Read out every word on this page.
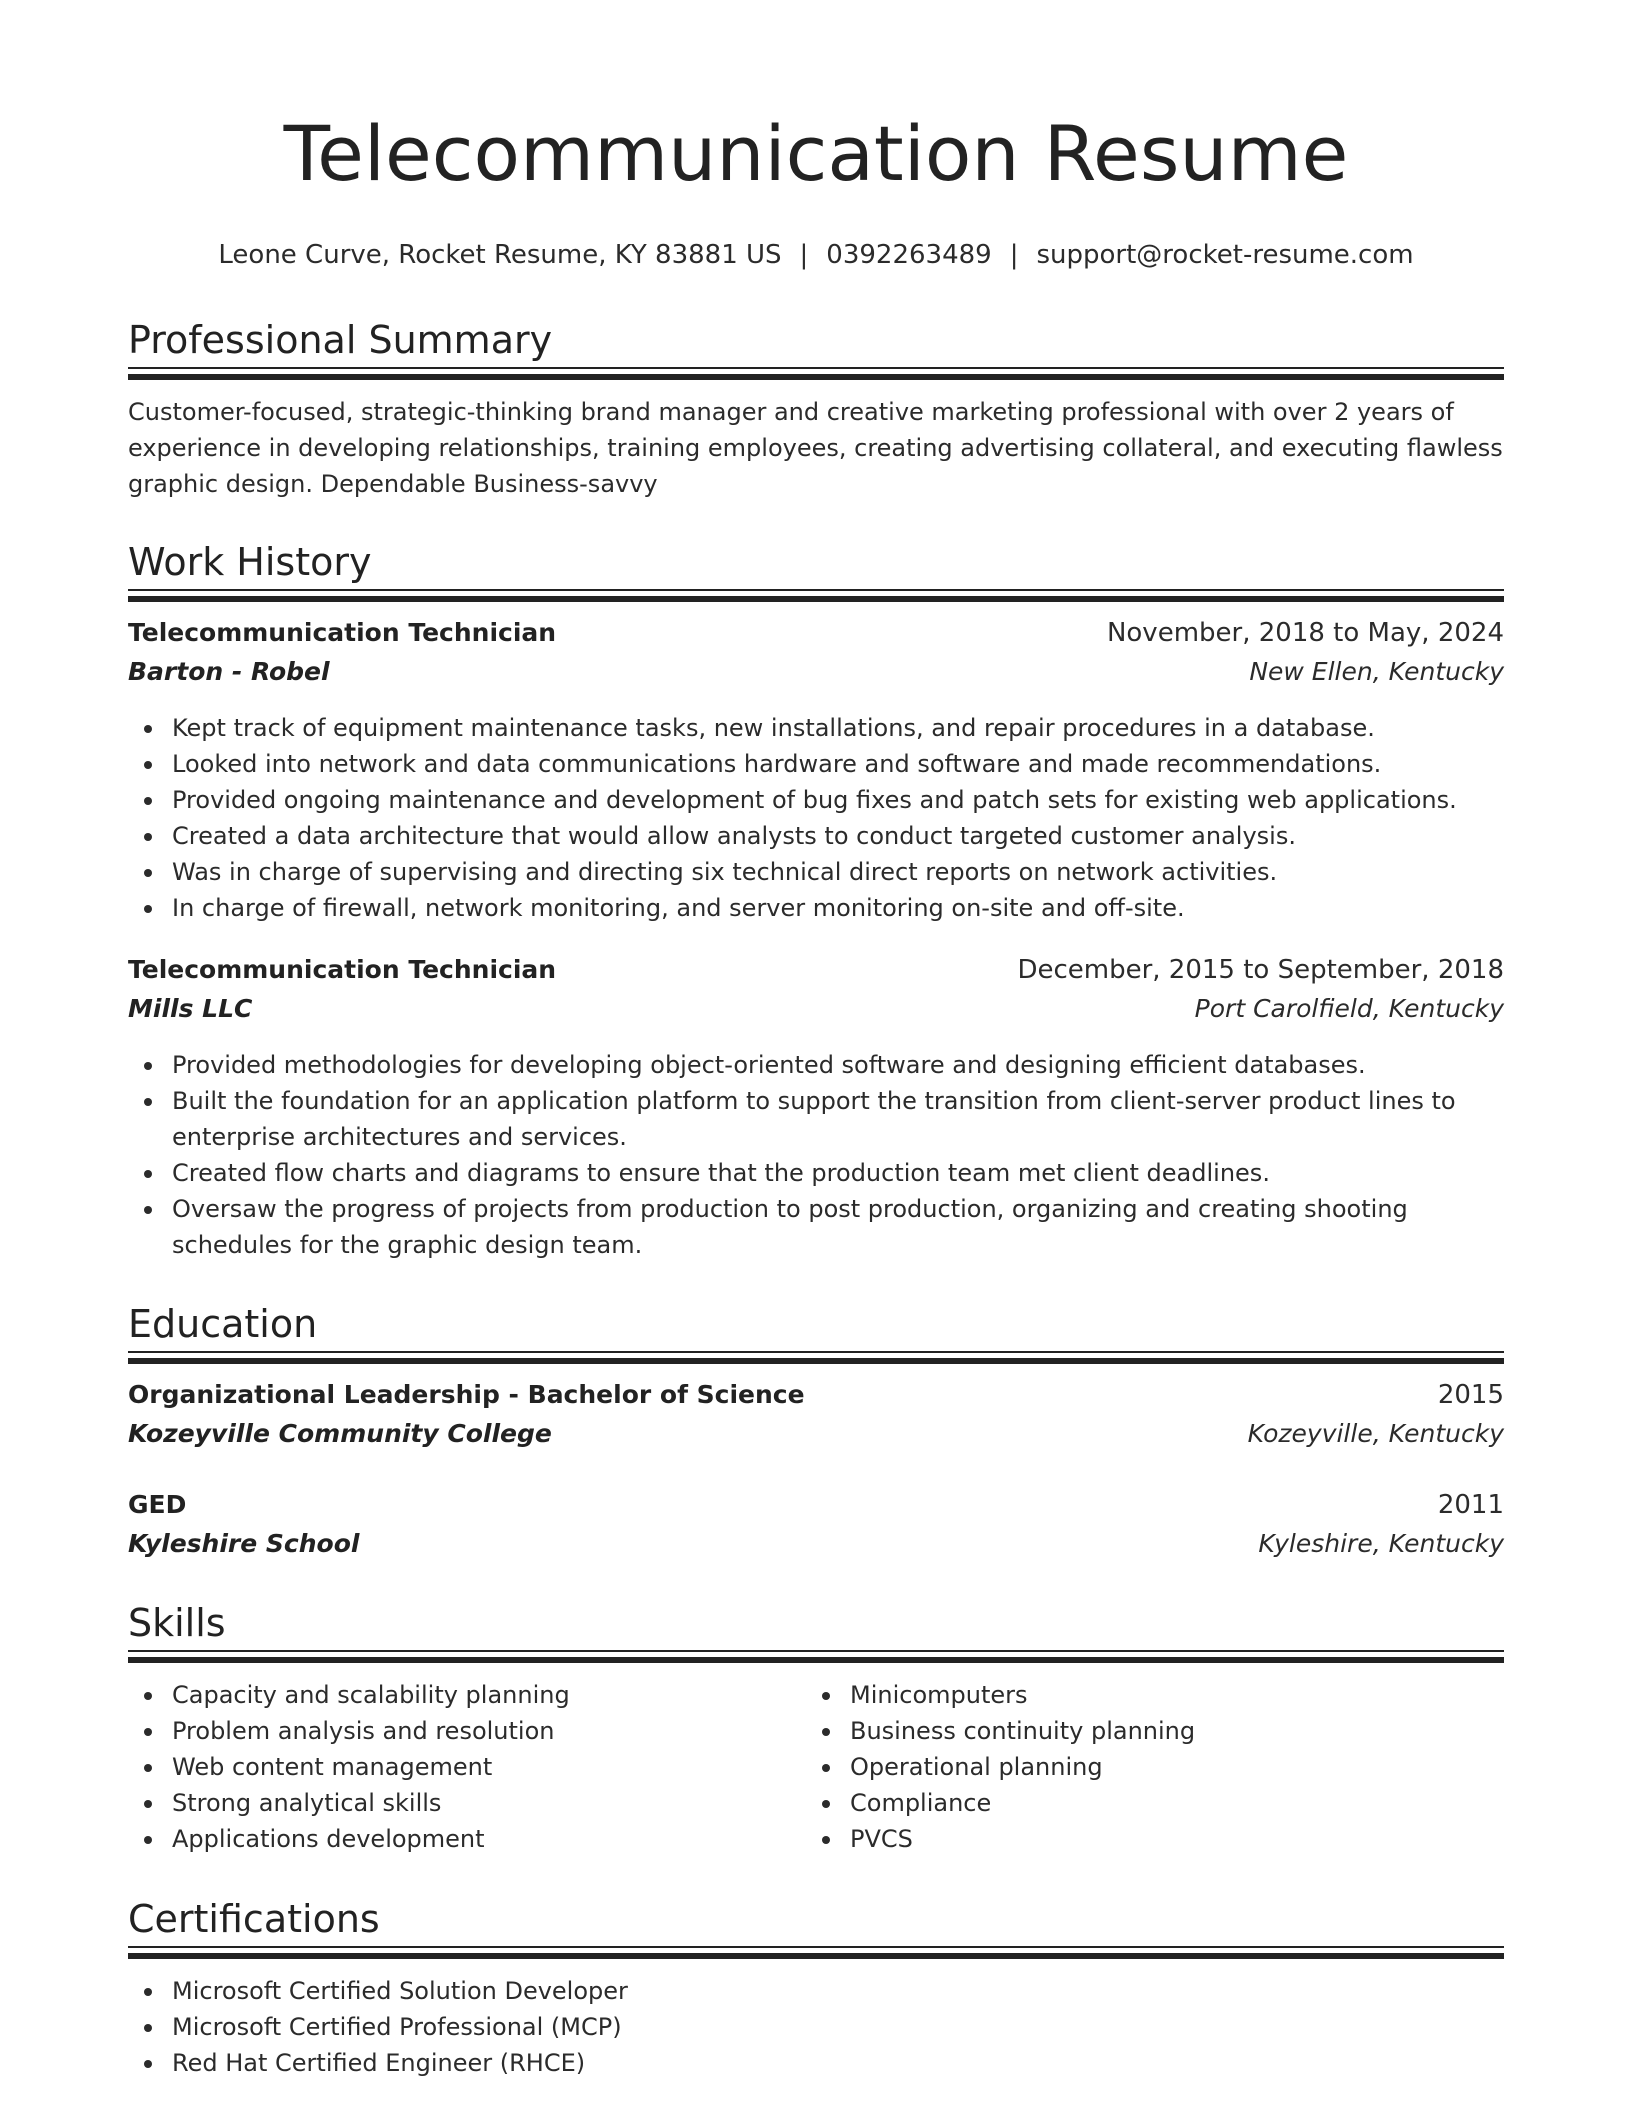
Telecommunication Resume
Leone Curve, Rocket Resume, KY 83881 US | 0392263489 | support@rocket-resume.com
Professional Summary

Customer-focused, strategic-thinking brand manager and creative marketing professional with over 2 years of experience in developing relationships, training employees, creating advertising collateral, and executing flawless graphic design. Dependable Business-savvy

Work History
Telecommunication Technician	November, 2018 to May, 2024
Barton - Robel	New Ellen, Kentucky
Kept track of equipment maintenance tasks, new installations, and repair procedures in a database.
Looked into network and data communications hardware and software and made recommendations.
Provided ongoing maintenance and development of bug fixes and patch sets for existing web applications.
Created a data architecture that would allow analysts to conduct targeted customer analysis.
Was in charge of supervising and directing six technical direct reports on network activities.
In charge of firewall, network monitoring, and server monitoring on-site and off-site.
Telecommunication Technician	December, 2015 to September, 2018
Mills LLC	Port Carolfield, Kentucky
Provided methodologies for developing object-oriented software and designing efficient databases.
Built the foundation for an application platform to support the transition from client-server product lines to enterprise architectures and services.
Created flow charts and diagrams to ensure that the production team met client deadlines.
Oversaw the progress of projects from production to post production, organizing and creating shooting schedules for the graphic design team.
Education
Organizational Leadership - Bachelor of Science	2015
Kozeyville Community College	Kozeyville, Kentucky
GED	2011
Kyleshire School	Kyleshire, Kentucky
Skills
Capacity and scalability planning
Problem analysis and resolution
Web content management
Strong analytical skills
Applications development
Minicomputers
Business continuity planning
Operational planning
Compliance
PVCS
Certifications
Microsoft Certified Solution Developer
Microsoft Certified Professional (MCP)
Red Hat Certified Engineer (RHCE)
